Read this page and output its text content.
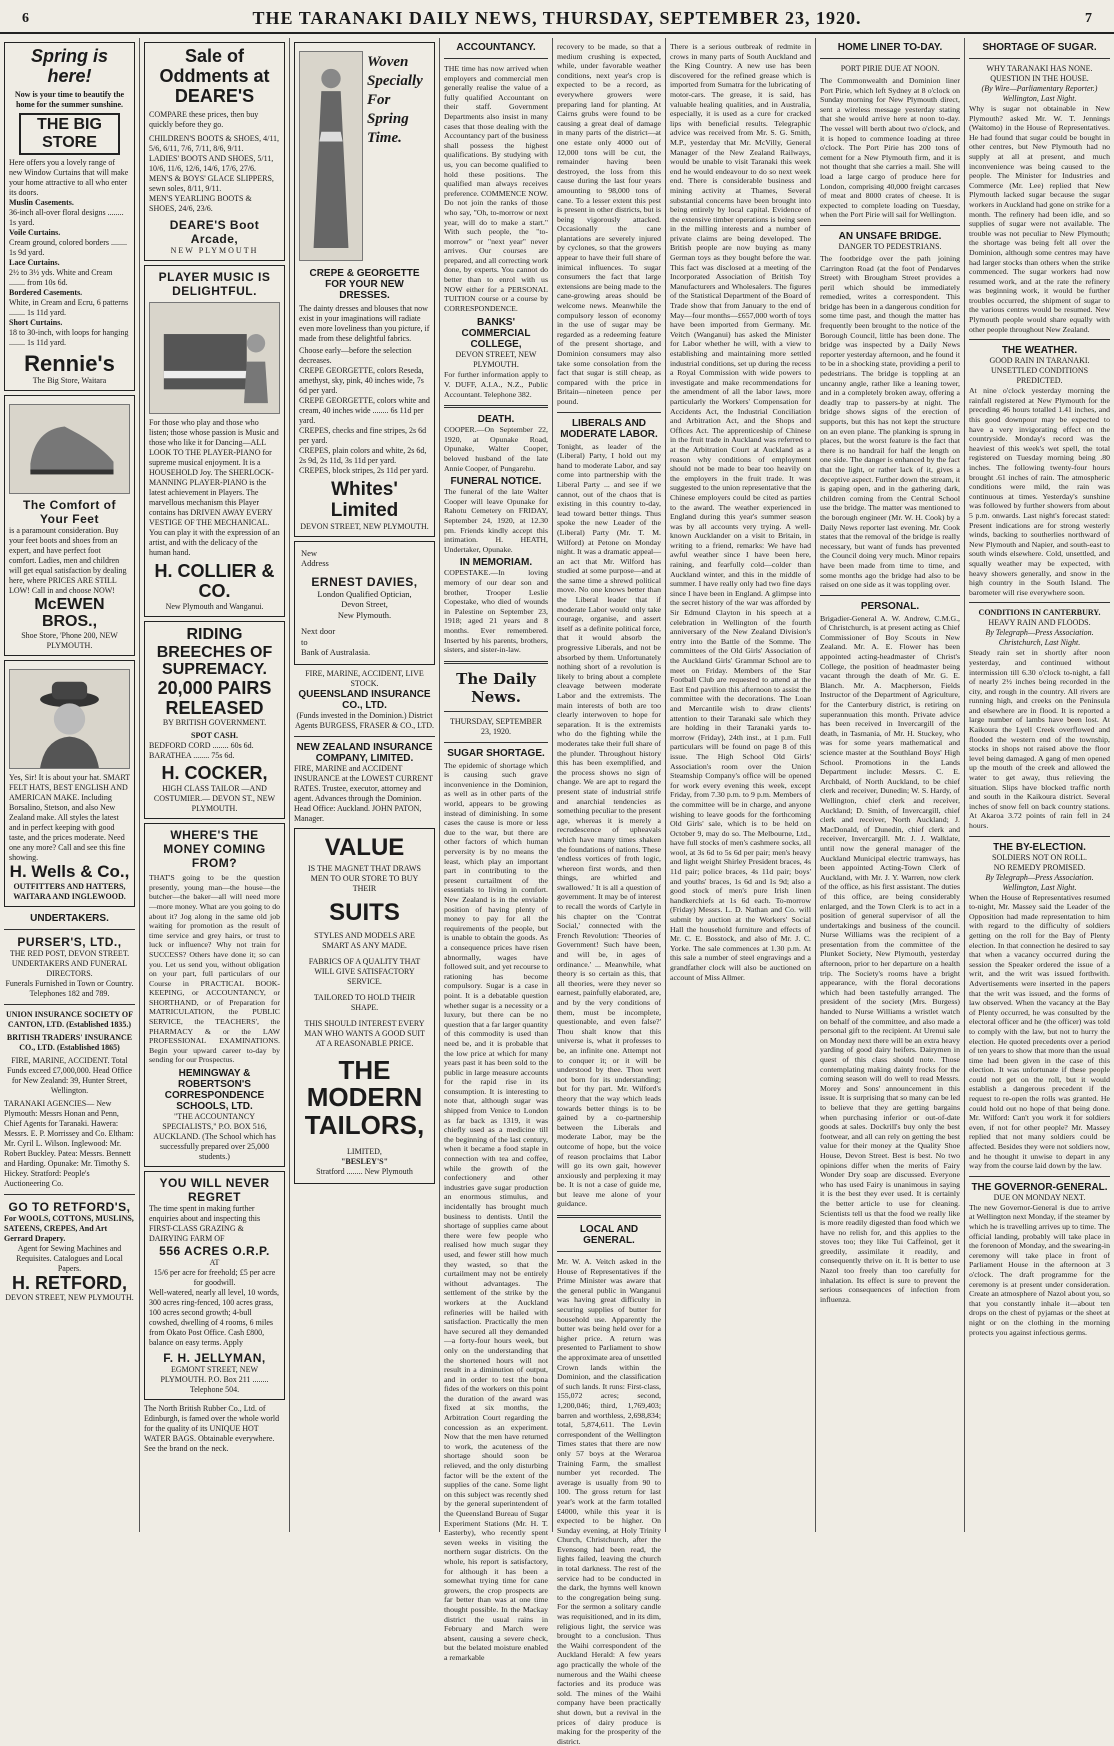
6	THE TARANAKI DAILY NEWS, THURSDAY, SEPTEMBER 23, 1920.	7
Spring is here!
Now is your time to beautify the home for the summer sunshine.
THE BIG STORE
Here offers you a lovely range of new Window Curtains that will make your home attractive to all who enter its doors.
Muslin Casements.
36-inch all-over floral designs ........ 1s yard.
Voile Curtains.
Cream ground, colored borders ........ 1s 9d yard.
Lace Curtains.
2½ to 3½ yds. White and Cream ........ from 10s 6d.
Bordered Casements.
White, in Cream and Ecru, 6 patterns ........ 1s 11d yard.
Short Curtains.
18 to 30-inch, with loops for hanging ........ 1s 11d yard.
Rennie's
The Big Store, Waitara
The Comfort of Your Feet
is a paramount consideration. Buy your feet boots and shoes from an expert, and have perfect foot comfort. Ladies, men and children will get equal satisfaction by dealing here, where PRICES ARE STILL LOW! Call in and choose NOW!
McEWEN BROS.,
Shoe Store, 'Phone 200, NEW PLYMOUTH.
Yes, Sir! It is about your hat. SMART FELT HATS, BEST ENGLISH AND AMERICAN MAKE. Including Borsalino, Stetson, and also New Zealand make. All styles the latest and in perfect keeping with good taste, and the prices moderate. Need one any more? Call and see this fine showing.
H. Wells & Co.,
OUTFITTERS AND HATTERS, WAITARA AND INGLEWOOD.
UNDERTAKERS.
PURSER'S, LTD.,
THE RED POST, DEVON STREET.
UNDERTAKERS AND FUNERAL DIRECTORS.
Funerals Furnished in Town or Country. Telephones 182 and 789.
UNION INSURANCE SOCIETY OF CANTON, LTD. (Established 1835.)
BRITISH TRADERS' INSURANCE CO., LTD. (Established 1865)
FIRE, MARINE, ACCIDENT. Total Funds exceed £7,000,000. Head Office for New Zealand: 39, Hunter Street, Wellington.
TARANAKI AGENCIES— New Plymouth: Messrs Honan and Penn, Chief Agents for Taranaki. Hawera: Messrs. E. P. Morrissey and Co. Eltham: Mr. Cyril L. Wilson. Inglewood: Mr. Robert Buckley. Patea: Messrs. Bennett and Harding. Opunake: Mr. Timothy S. Hickey. Stratford: People's Auctioneering Co.
GO TO RETFORD'S,
For WOOLS, COTTONS, MUSLINS, SATEENS, CREPES, And Art Gerrard Drapery.
Agent for Sewing Machines and Requisites. Catalogues and Local Papers.
H. RETFORD,
DEVON STREET, NEW PLYMOUTH.
Sale of Oddments at DEARE'S
COMPARE these prices, then buy quickly before they go.
CHILDREN'S BOOTS & SHOES, 4/11, 5/6, 6/11, 7/6, 7/11, 8/6, 9/11.
LADIES' BOOTS AND SHOES, 5/11, 10/6, 11/6, 12/6, 14/6, 17/6, 27/6.
MEN'S & BOYS' GLACE SLIPPERS, sewn soles, 8/11, 9/11.
MEN'S YEARLING BOOTS & SHOES, 24/6, 23/6.
DEARE'S Boot Arcade,
NEW PLYMOUTH
PLAYER MUSIC IS DELIGHTFUL.
For those who play and those who listen; those whose passion is Music and those who like it for Dancing—ALL LOOK TO THE PLAYER-PIANO for supreme musical enjoyment. It is a HOUSEHOLD Joy. The SHERLOCK-MANNING PLAYER-PIANO is the latest achievement in Players. The marvellous mechanism this Player contains has DRIVEN AWAY EVERY VESTIGE OF THE MECHANICAL. You can play it with the expression of an artist, and with the delicacy of the human hand.
H. COLLIER & CO.
New Plymouth and Wanganui.
RIDING BREECHES OF SUPREMACY.
20,000 PAIRS RELEASED
BY BRITISH GOVERNMENT.
SPOT CASH.
BEDFORD CORD ........ 60s 6d.
BARATHEA ........ 75s 6d.
H. COCKER,
HIGH CLASS TAILOR —AND COSTUMIER.— DEVON ST., NEW PLYMOUTH.
WHERE'S THE MONEY COMING FROM?
THAT'S going to be the question presently, young man—the house—the butcher—the baker—all will need more—more money. What are you going to do about it? Jog along in the same old job waiting for promotion as the result of time service and grey hairs, or trust to luck or influence? Why not train for SUCCESS? Others have done it; so can you. Let us send you, without obligation on your part, full particulars of our Course in PRACTICAL BOOK-KEEPING, or ACCOUNTANCY, or SHORTHAND, or of Preparation for MATRICULATION, the PUBLIC SERVICE, the TEACHERS', the PHARMACY & or the LAW PROFESSIONAL EXAMINATIONS. Begin your upward career to-day by sending for our Prospectus.
HEMINGWAY & ROBERTSON'S CORRESPONDENCE SCHOOLS, LTD.
"THE ACCOUNTANCY SPECIALISTS," P.O. BOX 516, AUCKLAND. (The School which has successfully prepared over 25,000 students.)
YOU WILL NEVER REGRET
The time spent in making further enquiries about and inspecting this FIRST-CLASS GRAZING & DAIRYING FARM OF
556 ACRES O.R.P.
AT
15/6 per acre for freehold; £5 per acre for goodwill.
Well-watered, nearly all level, 10 words, 300 acres ring-fenced, 100 acres grass, 100 acres second growth; 4-bull cowshed, dwelling of 4 rooms, 6 miles from Okato Post Office. Cash £800, balance on easy terms. Apply
F. H. JELLYMAN,
EGMONT STREET, NEW PLYMOUTH. P.O. Box 211 ........ Telephone 504.
The North British Rubber Co., Ltd. of Edinburgh, is famed over the whole world for the quality of its UNIQUE HOT WATER BAGS. Obtainable everywhere. See the brand on the neck.
Woven Specially For Spring Time.
CREPE & GEORGETTE FOR YOUR NEW DRESSES.
The dainty dresses and blouses that now exist in your imaginations will radiate even more loveliness than you picture, if made from these delightful fabrics.
Choose early—before the selection decreases.
CREPE GEORGETTE, colors Reseda, amethyst, sky, pink, 40 inches wide, 7s 6d per yard.
CREPE GEORGETTE, colors white and cream, 40 inches wide ........ 6s 11d per yard.
CREPES, checks and fine stripes, 2s 6d per yard.
CREPES, plain colors and white, 2s 6d, 2s 9d, 2s 11d, 3s 11d per yard.
CREPES, block stripes, 2s 11d per yard.
Whites' Limited
DEVON STREET, NEW PLYMOUTH.
New
Address
ERNEST DAVIES,
London Qualified Optician,
Devon Street,
New Plymouth.
Next door
to
Bank of Australasia.
FIRE, MARINE, ACCIDENT, LIVE STOCK.
QUEENSLAND INSURANCE CO., LTD.
(Funds invested in the Dominion.) District Agents BURGESS, FRASER & CO., LTD.
NEW ZEALAND INSURANCE COMPANY, LIMITED.
FIRE, MARINE and ACCIDENT INSURANCE at the LOWEST CURRENT RATES. Trustee, executor, attorney and agent. Advances through the Dominion. Head Office: Auckland. JOHN PATON, Manager.
VALUE
IS THE MAGNET THAT DRAWS MEN TO OUR STORE TO BUY THEIR
SUITS
STYLES AND MODELS ARE SMART AS ANY MADE.
FABRICS OF A QUALITY THAT WILL GIVE SATISFACTORY SERVICE.
TAILORED TO HOLD THEIR SHAPE.
THIS SHOULD INTEREST EVERY MAN WHO WANTS A GOOD SUIT AT A REASONABLE PRICE.
THE MODERN TAILORS,
LIMITED,
"BESLEY'S"
Stratford ........ New Plymouth
ACCOUNTANCY.
THE time has now arrived when employers and commercial men generally realise the value of a fully qualified Accountant on their staff. Government Departments also insist in many cases that those dealing with the Accountancy part of the business shall possess the highest qualifications. By studying with us, you can become qualified to hold these positions. The qualified man always receives preference. COMMENCE NOW. Do not join the ranks of those who say, "Oh, to-morrow or next year, will do to make a start." With such people, the "to-morrow" or "next year" never arrives. Our courses are prepared, and all correcting work done, by experts. You cannot do better than to enrol with us NOW either for a PERSONAL TUITION course or a course by CORRESPONDENCE.
BANKS' COMMERCIAL COLLEGE,
DEVON STREET, NEW PLYMOUTH.
For further information apply to V. DUFF, A.I.A., N.Z., Public Accountant. Telephone 382.
DEATH.
COOPER.—On September 22, 1920, at Opunake Road, Opunake, Walter Cooper, beloved husband of the late Annie Cooper, of Pungarehu.
FUNERAL NOTICE.
The funeral of the late Walter Cooper will leave Opunake for Rahotu Cemetery on FRIDAY, September 24, 1920, at 12.30 pm. Friends kindly accept this intimation. H. HEATH, Undertaker, Opunake.
IN MEMORIAM.
COPESTAKE.—In loving memory of our dear son and brother, Trooper Leslie Copestake, who died of wounds in Palestine on September 23, 1918; aged 21 years and 8 months. Ever remembered. Inserted by his parents, brothers, sisters, and sister-in-law.
The Daily News.
THURSDAY, SEPTEMBER 23, 1920.
SUGAR SHORTAGE.
The epidemic of shortage which is causing such grave inconvenience in the Dominion, as well as in other parts of the world, appears to be growing instead of diminishing. In some cases the cause is more or less due to the war, but there are other factors of which human perversity is by no means the least, which play an important part in contributing to the present curtailment of the essentials to living in comfort. New Zealand is in the enviable position of having plenty of money to pay for all the requirements of the people, but is unable to obtain the goods. As a consequence prices have risen abnormally, wages have followed suit, and yet recourse to rationing has become compulsory. Sugar is a case in point. It is a debatable question whether sugar is a necessity or a luxury, but there can be no question that a far larger quantity of this commodity is used than need be, and it is probable that the low price at which for many years past it has been sold to the public in large measure accounts for the rapid rise in its consumption. It is interesting to note that, although sugar was shipped from Venice to London as far back as 1319, it was chiefly used as a medicine till the beginning of the last century, when it became a food staple in connection with tea and coffee, while the growth of the confectionery and other industries gave sugar production an enormous stimulus, and incidentally has brought much business to dentists. Until the shortage of supplies came about there were few people who realised how much sugar they used, and fewer still how much they wasted, so that the curtailment may not be entirely without advantages. The settlement of the strike by the workers at the Auckland refineries will be hailed with satisfaction. Practically the men have secured all they demanded—a forty-four hours week, but only on the understanding that the shortened hours will not result in a diminution of output, and in order to test the bona fides of the workers on this point the duration of the award was fixed at six months, the Arbitration Court regarding the concession as an experiment. Now that the men have returned to work, the acuteness of the shortage should soon be relieved, and the only disturbing factor will be the extent of the supplies of the cane. Some light on this subject was recently shed by the general superintendent of the Queensland Bureau of Sugar Experiment Stations (Mr. H. T. Easterby), who recently spent seven weeks in visiting the northern sugar districts. On the whole, his report is satisfactory, for although it has been a somewhat trying time for cane growers, the crop prospects are far better than was at one time thought possible. In the Mackay district the usual rains in February and March were absent, causing a severe check, but the belated moisture enabled a remarkable
recovery to be made, so that a medium crushing is expected, while, under favorable weather conditions, next year's crop is expected to be a record, as everywhere growers were preparing land for planting. At Cairns grubs were found to be causing a great deal of damage in many parts of the district—at one estate only 4000 out of 12,000 tons will be cut, the remainder having been destroyed, the loss from this cause during the last four years amounting to 98,000 tons of cane. To a lesser extent this pest is present in other districts, but is being vigorously attacked. Occasionally the cane plantations are severely injured by cyclones, so that the growers appear to have their full share of inimical influences. To sugar consumers the fact that large extensions are being made to the cane-growing areas should be welcome news. Meanwhile the compulsory lesson of economy in the use of sugar may be regarded as a redeeming feature of the present shortage, and Dominion consumers may also take some consolation from the fact that sugar is still cheap, as compared with the price in Britain—nineteen pence per pound.
LIBERALS AND MODERATE LABOR.
Tonight, as leader of the (Liberal) Party, I hold out my hand to moderate Labor, and say come into partnership with the Liberal Party ... and see if we cannot, out of the chaos that is existing in this country to-day, lead toward better things. Thus spoke the new Leader of the (Liberal) Party (Mr. T. M. Wilford) at Petone on Monday night. It was a dramatic appeal—an act that Mr. Wilford has studied at some purpose—and at the same time a shrewd political move. No one knows better than the Liberal leader that if moderate Labor would only take courage, organise, and assert itself as a definite political force, that it would absorb the progressive Liberals, and not be absorbed by them. Unfortunately nothing short of a revolution is likely to bring about a complete cleavage between moderate Labor and the extremists. The main interests of both are too clearly interwoven to hope for separation. It is the extremists who do the fighting while the moderates take their full share of the plunder. Throughout history this has been exemplified, and the process shows no sign of change. We are apt to regard the present state of industrial strife and anarchial tendencies as something peculiar to the present age, whereas it is merely a recrudescence of upheavals which have many times shaken the foundations of nations. These 'endless vortices of froth logic, whereon first words, and then things, are whirled and swallowed.' It is all a question of government. It may be of interest to recall the words of Carlyle in his chapter on the 'Contrat Social,' connected with the French Revolution: 'Theories of Government! Such have been, and will be, in ages of ordinance.' ... Meanwhile, what theory is so certain as this, that all theories, were they never so earnest, painfully elaborated, are, and by the very conditions of them, must be incomplete, questionable, and even false?' Thou shalt know that this universe is, what it professes to be, an infinite one. Attempt not to conquer it; or it will be understood by thee. Thou wert not born for its understanding; but for thy part. Mr. Wilford's theory that the way which leads towards better things is to be gained by a co-partnership between the Liberals and moderate Labor, may be the outcome of hope, but the voice of reason proclaims that Labor will go its own gait, however anxiously and perplexing it may be. It is not a case of guide me, but leave me alone of your guidance.
LOCAL AND GENERAL.
Mr. W. A. Veitch asked in the House of Representatives if the Prime Minister was aware that the general public in Wanganui was having great difficulty in securing supplies of butter for household use. Apparently the butter was being held over for a higher price. A return was presented to Parliament to show the approximate area of unsettled Crown lands within the Dominion, and the classification of such lands. It runs: First-class, 155,072 acres; second, 1,200,046; third, 1,769,403; barren and worthless, 2,698,834; total, 5,874,611. The Levin correspondent of the Wellington Times states that there are now only 57 boys at the Weraroa Training Farm, the smallest number yet recorded. The average is usually from 90 to 100. The gross return for last year's work at the farm totalled £4000, while this year it is expected to be higher. On Sunday evening, at Holy Trinity Church, Christchurch, after the Evensong had been read, the lights failed, leaving the church in total darkness. The rest of the service had to be conducted in the dark, the hymns well known to the congregation being sung. For the sermon a solitary candle was requisitioned, and in its dim, religious light, the service was brought to a conclusion. Thus the Waihi correspondent of the Auckland Herald: A few years ago practically the whole of the numerous and the Waihi cheese factories and its produce was sold. The mines of the Waihi company have been practically shut down, but a revival in the prices of dairy produce is making for the prosperity of the district.
There is a serious outbreak of redmite in crows in many parts of South Auckland and the King Country. A new use has been discovered for the refined grease which is imported from Sumatra for the lubricating of motor-cars. The grease, it is said, has valuable healing qualities, and in Australia, especially, it is used as a cure for cracked lips with beneficial results. Telegraphic advice was received from Mr. S. G. Smith, M.P., yesterday that Mr. McVilly, General Manager of the New Zealand Railways, would be unable to visit Taranaki this week end he would endeavour to do so next week end. There is considerable business and mining activity at Thames, Several substantial concerns have been brought into being entirely by local capital. Evidence of the extensive timber operations is being seen in the milling interests and a number of private claims are being developed. The British people are now buying as many German toys as they bought before the war. This fact was disclosed at a meeting of the Incorporated Association of British Toy Manufacturers and Wholesalers. The figures of the Statistical Department of the Board of Trade show that from January to the end of May—four months—£657,000 worth of toys have been imported from Germany. Mr. Veitch (Wanganui) has asked the Minister for Labor whether he will, with a view to establishing and maintaining more settled industrial conditions, set up during the recess a Royal Commission with wide powers to investigate and make recommendations for the amendment of all the labor laws, more particularly the Workers' Compensation for Accidents Act, the Industrial Conciliation and Arbitration Act, and the Shops and Offices Act. The apprenticeship of Chinese in the fruit trade in Auckland was referred to at the Arbitration Court at Auckland as a reason why conditions of employment should not be made to bear too heavily on the employers in the fruit trade. It was suggested to the union representative that the Chinese employers could be cited as parties to the award. The weather experienced in England during this year's summer season was by all accounts very trying. A well-known Aucklander on a visit to Britain, in writing to a friend, remarks: We have had awful weather since I have been here, raining, and fearfully cold—colder than Auckland winter, and this in the middle of summer. I have really only had two fine days since I have been in England. A glimpse into the secret history of the war was afforded by Sir Edmund Clayton in his speech at a celebration in Wellington of the fourth anniversary of the New Zealand Division's entry into the Battle of the Somme. The committees of the Old Girls' Association of the Auckland Girls' Grammar School are to meet on Friday. Members of the Star Football Club are requested to attend at the East End pavilion this afternoon to assist the committee with the decorations. The Loan and Mercantile wish to draw clients' attention to their Taranaki sale which they are holding in their Taranaki yards to-morrow (Friday), 24th inst., at 1 p.m. Full particulars will be found on page 8 of this issue. The High School Old Girls' Association's room over the Union Steamship Company's office will be opened for work every evening this week, except Friday, from 7.30 p.m. to 9 p.m. Members of the committee will be in charge, and anyone wishing to leave goods for the forthcoming Old Girls' sale, which is to be held on October 9, may do so. The Melbourne, Ltd., have full stocks of men's cashmere socks, all wool, at 3s 6d to 5s 6d per pair; men's heavy and light weight Shirley President braces, 4s 11d pair; police braces, 4s 11d pair; boys' and youths' braces, 1s 6d and 1s 9d; also a good stock of men's pure Irish linen handkerchiefs at 1s 6d each. To-morrow (Friday) Messrs. L. D. Nathan and Co. will submit by auction at the Workers' Social Hall the household furniture and effects of Mr. C. E. Bosstock, and also of Mr. J. C. Yorke. The sale commences at 1.30 p.m. At this sale a number of steel engravings and a grandfather clock will also be auctioned on account of Miss Allmer.
HOME LINER TO-DAY.
PORT PIRIE DUE AT NOON.
The Commonwealth and Dominion liner Port Pirie, which left Sydney at 8 o'clock on Sunday morning for New Plymouth direct, sent a wireless message yesterday stating that she would arrive here at noon to-day. The vessel will berth about two o'clock, and it is hoped to commence loading at three o'clock. The Port Pirie has 200 tons of cement for a New Plymouth firm, and it is not thought that she carries a mail. She will load a large cargo of produce here for London, comprising 40,000 freight carcases of meat and 8000 crates of cheese. It is expected to complete loading on Tuesday, when the Port Pirie will sail for Wellington.
AN UNSAFE BRIDGE.
DANGER TO PEDESTRIANS.
The footbridge over the path joining Carrington Road (at the foot of Pendarves Street) with Brougham Street provides a peril which should be immediately remedied, writes a correspondent. This bridge has been in a dangerous condition for some time past, and though the matter has frequently been brought to the notice of the Borough Council, little has been done. The bridge was inspected by a Daily News reporter yesterday afternoon, and he found it to be in a shocking state, providing a peril to pedestrians. The bridge is toppling at an uncanny angle, rather like a leaning tower, and in a completely broken away, offering a deadly trap to passers-by at night. The bridge shows signs of the erection of supports, but this has not kept the structure on an even plane. The planking is sprung in places, but the worst feature is the fact that there is no handrail for half the length on one side. The danger is enhanced by the fact that the light, or rather lack of it, gives a deceptive aspect. Further down the stream, it is gaping open, and in the gathering dark, children coming from the Central School use the bridge. The matter was mentioned to the borough engineer (Mr. W. H. Cook) by a Daily News reporter last evening. Mr. Cook states that the removal of the bridge is really necessary, but want of funds has prevented the Council doing very much. Minor repairs have been made from time to time, and some months ago the bridge had also to be raised on one side as it was toppling over.
PERSONAL.
Brigadier-General A. W. Andrew, C.M.G., of Christchurch, is at present acting as Chief Commissioner of Boy Scouts in New Zealand. Mr. A. E. Flower has been appointed acting-headmaster of Christ's College, the position of headmaster being vacant through the death of Mr. G. E. Blanch. Mr. A. Macpherson, Fields Instructor of the Department of Agriculture, for the Canterbury district, is retiring on superannuation this month. Private advice has been received in Invercargill of the death, in Tasmania, of Mr. H. Stuckey, who was for some years mathematical and science master at the Southland Boys' High School. Promotions in the Lands Department include: Messrs. C. E. Archbald, of North Auckland, to be chief clerk and receiver, Dunedin; W. S. Hardy, of Wellington, chief clerk and receiver, Auckland; D. Smith, of Invercargill, chief clerk and receiver, North Auckland; J. MacDonald, of Dunedin, chief clerk and receiver, Invercargill. Mr. J. J. Walklate, until now the general manager of the Auckland Municipal electric tramways, has been appointed Acting-Town Clerk of Auckland, with Mr. J. Y. Warren, now clerk of the office, as his first assistant. The duties of this office, are being considerably enlarged, and the Town Clerk is to act in a position of general supervisor of all the undertakings and business of the council. Nurse Williams was the recipient of a presentation from the committee of the Plunket Society, New Plymouth, yesterday afternoon, prior to her departure on a health trip. The Society's rooms have a bright appearance, with the floral decorations which had been tastefully arranged. The president of the society (Mrs. Burgess) handed to Nurse Williams a wristlet watch on behalf of the committee, and also made a personal gift to the recipient. At Urenui sale on Monday next there will be an extra heavy yarding of good dairy heifers. Dairymen in quest of this class should note. Those contemplating making dainty frocks for the coming season will do well to read Messrs. Morey and Sons' announcement in this issue. It is surprising that so many can be led to believe that they are getting bargains when purchasing inferior or out-of-date goods at sales. Dockrill's buy only the best footwear, and all can rely on getting the best value for their money at the Quality Shoe House, Devon Street. Best is best. No two opinions differ when the merits of Fairy Wonder Dry soap are discussed. Everyone who has used Fairy is unanimous in saying it is the best they ever used. It is certainly the better article to use for cleaning. Scientists tell us that the food we really like is more readily digested than food which we have no relish for, and this applies to the stoves too; they like Tui Caffeinol, get it greedily, assimilate it readily, and consequently thrive on it. It is better to use Nazol too freely than too carefully for inhalation. Its effect is sure to prevent the serious consequences of infection from influenza.
SHORTAGE OF SUGAR.
WHY TARANAKI HAS NONE.
QUESTION IN THE HOUSE.
(By Wire—Parliamentary Reporter.) Wellington, Last Night.
Why is sugar not obtainable in New Plymouth? asked Mr. W. T. Jennings (Waitomo) in the House of Representatives. He had found that sugar could be bought in other centres, but New Plymouth had no supply at all at present, and much inconvenience was being caused to the people. The Minister for Industries and Commerce (Mr. Lee) replied that New Plymouth lacked sugar because the sugar workers in Auckland had gone on strike for a month. The refinery had been idle, and so supplies of sugar were not available. The trouble was not peculiar to New Plymouth; the shortage was being felt all over the Dominion, although some centres may have had larger stocks than others when the strike commenced. The sugar workers had now resumed work, and at the rate the refinery was beginning work, it would be further troubles occurred, the shipment of sugar to the various centres would be resumed. New Plymouth people would share equally with other people throughout New Zealand.
THE WEATHER.
GOOD RAIN IN TARANAKI.
UNSETTLED CONDITIONS PREDICTED.
At nine o'clock yesterday morning the rainfall registered at New Plymouth for the preceding 46 hours totalled 1.41 inches, and this good downpour may be expected to have a very invigorating effect on the countryside. Monday's record was the heaviest of this week's wet spell, the total registered on Tuesday morning being .80 inches. The following twenty-four hours brought .61 inches of rain. The atmospheric conditions were mild, the rain was continuous at times. Yesterday's sunshine was followed by further showers from about 5 p.m. onwards. Last night's forecast stated: Present indications are for strong westerly winds, backing to southerlies northward of New Plymouth and Napier, and south-east to south winds elsewhere. Cold, unsettled, and squally weather may be expected, with heavy showers generally, and snow in the high country in the South Island. The barometer will rise everywhere soon.
CONDITIONS IN CANTERBURY.
HEAVY RAIN AND FLOODS.
By Telegraph—Press Association. Christchurch, Last Night.
Steady rain set in shortly after noon yesterday, and continued without intermission till 6.30 o'clock to-night, a fall of nearly 2½ inches being recorded in the city, and rough in the country. All rivers are running high, and creeks on the Peninsula and elsewhere are in flood. It is reported a large number of lambs have been lost. At Kaikoura the Lyell Creek overflowed and flooded the western end of the township, stocks in shops not raised above the floor level being damaged. A gang of men opened up the mouth of the creek and allowed the water to get away, thus relieving the situation. Slips have blocked traffic north and south in the Kaikoura district. Several inches of snow fell on back country stations. At Akaroa 3.72 points of rain fell in 24 hours.
THE BY-ELECTION.
SOLDIERS NOT ON ROLL.
NO REMEDY PROMISED.
By Telegraph—Press Association. Wellington, Last Night.
When the House of Representatives resumed to-night, Mr. Massey said the Leader of the Opposition had made representation to him with regard to the difficulty of soldiers getting on the roll for the Bay of Plenty election. In that connection he desired to say that when a vacancy occurred during the session the Speaker ordered the issue of a writ, and the writ was issued forthwith. Advertisements were inserted in the papers that the writ was issued, and the forms of law observed. When the vacancy at the Bay of Plenty occurred, he was consulted by the electoral officer and he (the officer) was told to comply with the law, but not to hurry the election. He quoted precedents over a period of ten years to show that more than the usual time had been given in the case of this election. It was unfortunate if these people could not get on the roll, but it would establish a dangerous precedent if the request to re-open the rolls was granted. He could hold out no hope of that being done. Mr. Wilford: Can't you work it for soldiers even, if not for other people? Mr. Massey replied that not many soldiers could be affected. Besides they were not soldiers now, and he thought it unwise to depart in any way from the course laid down by the law.
THE GOVERNOR-GENERAL.
DUE ON MONDAY NEXT.
The new Governor-General is due to arrive at Wellington next Monday, if the steamer by which he is travelling arrives up to time. The official landing, probably will take place in the forenoon of Monday, and the swearing-in ceremony will take place in front of Parliament House in the afternoon at 3 o'clock. The draft programme for the ceremony is at present under consideration. Create an atmosphere of Nazol about you, so that you constantly inhale it—about ten drops on the chest of pyjamas or the sheet at night or on the clothing in the morning protects you against infectious germs.
